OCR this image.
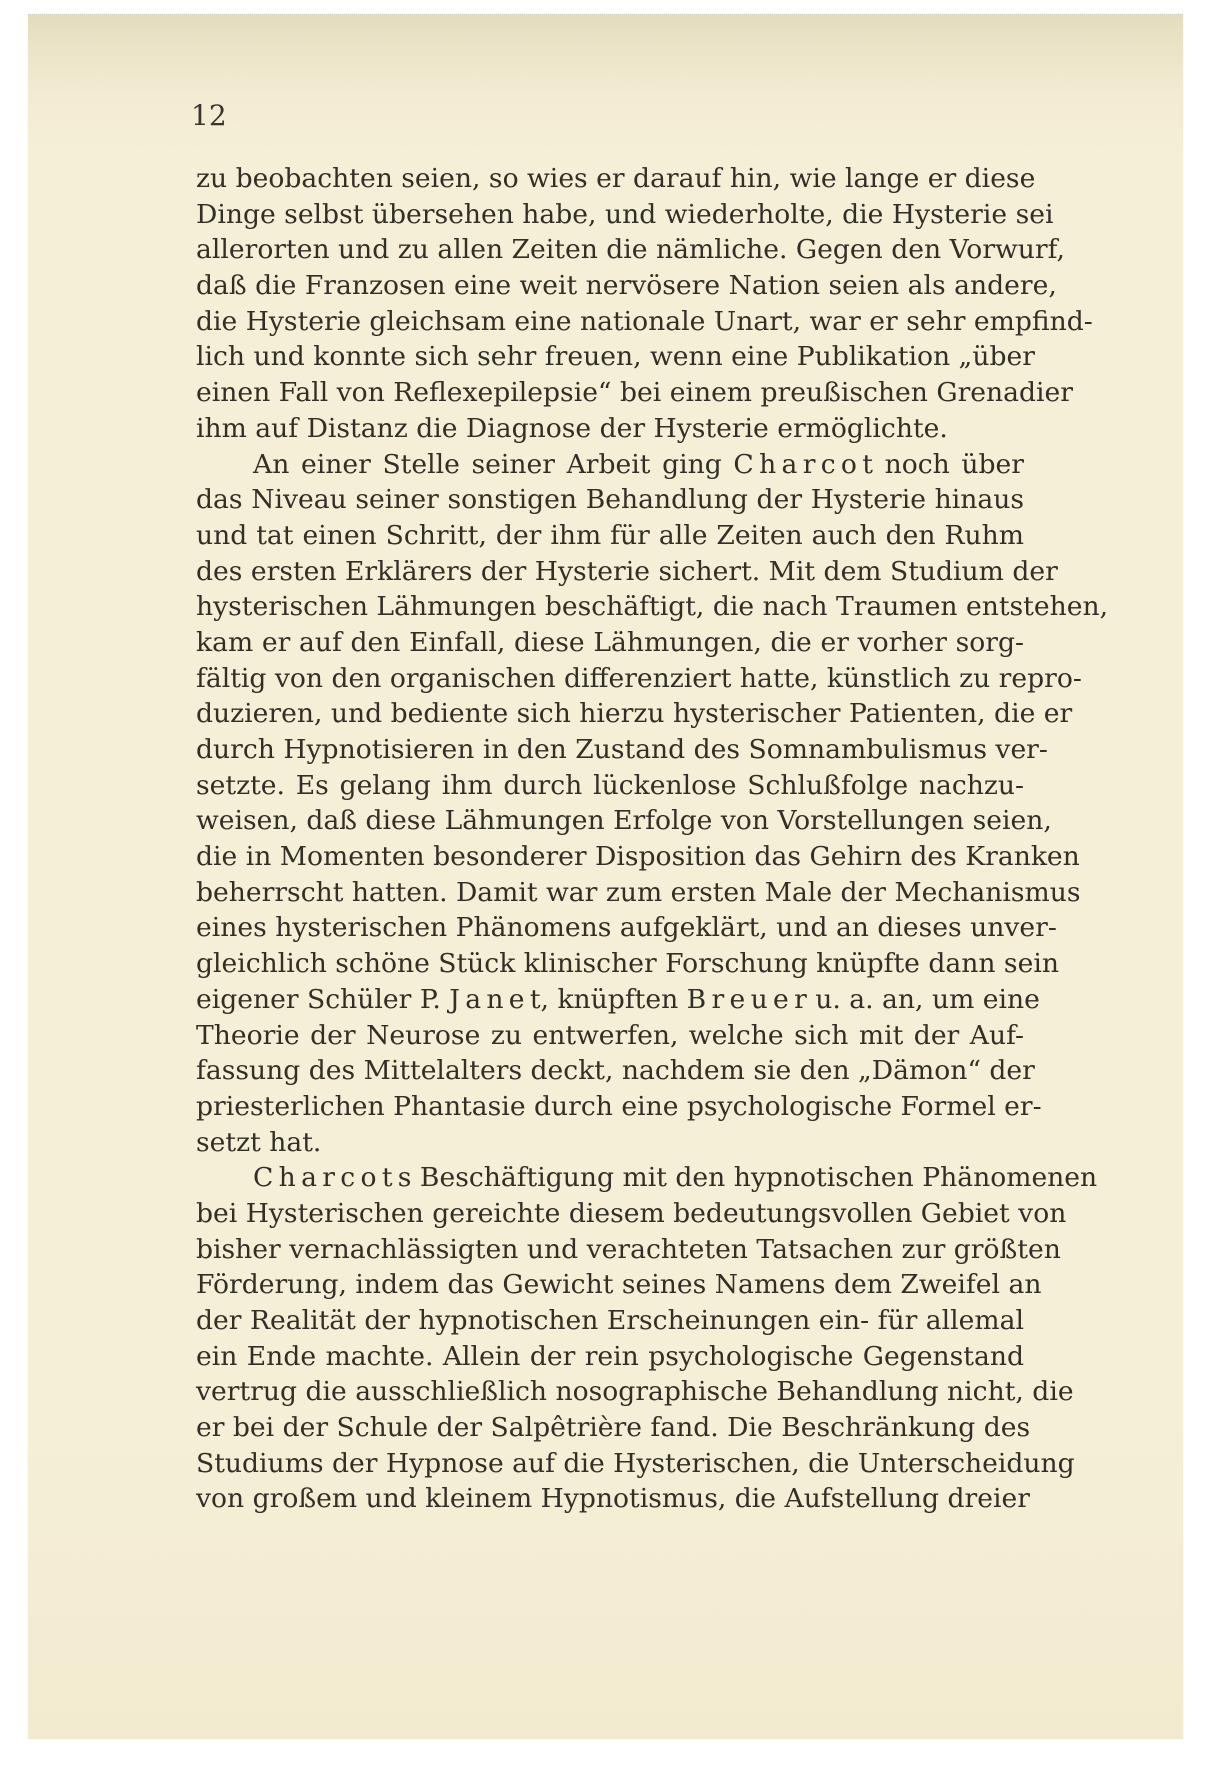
12
zu beobachten seien, so wies er darauf hin, wie lange er diese
Dinge selbst übersehen habe, und wiederholte, die Hysterie sei
allerorten und zu allen Zeiten die nämliche. Gegen den Vorwurf,
daß die Franzosen eine weit nervösere Nation seien als andere,
die Hysterie gleichsam eine nationale Unart, war er sehr empfind-
lich und konnte sich sehr freuen, wenn eine Publikation „über
einen Fall von Reflexepilepsie“ bei einem preußischen Grenadier
ihm auf Distanz die Diagnose der Hysterie ermöglichte.
An einer Stelle seiner Arbeit ging C h a r c o t noch über
das Niveau seiner sonstigen Behandlung der Hysterie hinaus
und tat einen Schritt, der ihm für alle Zeiten auch den Ruhm
des ersten Erklärers der Hysterie sichert. Mit dem Studium der
hysterischen Lähmungen beschäftigt, die nach Traumen entstehen,
kam er auf den Einfall, diese Lähmungen, die er vorher sorg-
fältig von den organischen differenziert hatte, künstlich zu repro-
duzieren, und bediente sich hierzu hysterischer Patienten, die er
durch Hypnotisieren in den Zustand des Somnambulismus ver-
setzte. Es gelang ihm durch lückenlose Schlußfolge nachzu-
weisen, daß diese Lähmungen Erfolge von Vorstellungen seien,
die in Momenten besonderer Disposition das Gehirn des Kranken
beherrscht hatten. Damit war zum ersten Male der Mechanismus
eines hysterischen Phänomens aufgeklärt, und an dieses unver-
gleichlich schöne Stück klinischer Forschung knüpfte dann sein
eigener Schüler P. J a n e t, knüpften B r e u e r u. a. an, um eine
Theorie der Neurose zu entwerfen, welche sich mit der Auf-
fassung des Mittelalters deckt, nachdem sie den „Dämon“ der
priesterlichen Phantasie durch eine psychologische Formel er-
setzt hat.
C h a r c o t s Beschäftigung mit den hypnotischen Phänomenen
bei Hysterischen gereichte diesem bedeutungsvollen Gebiet von
bisher vernachlässigten und verachteten Tatsachen zur größten
Förderung, indem das Gewicht seines Namens dem Zweifel an
der Realität der hypnotischen Erscheinungen ein- für allemal
ein Ende machte. Allein der rein psychologische Gegenstand
vertrug die ausschließlich nosographische Behandlung nicht, die
er bei der Schule der Salpêtrière fand. Die Beschränkung des
Studiums der Hypnose auf die Hysterischen, die Unterscheidung
von großem und kleinem Hypnotismus, die Aufstellung dreier
